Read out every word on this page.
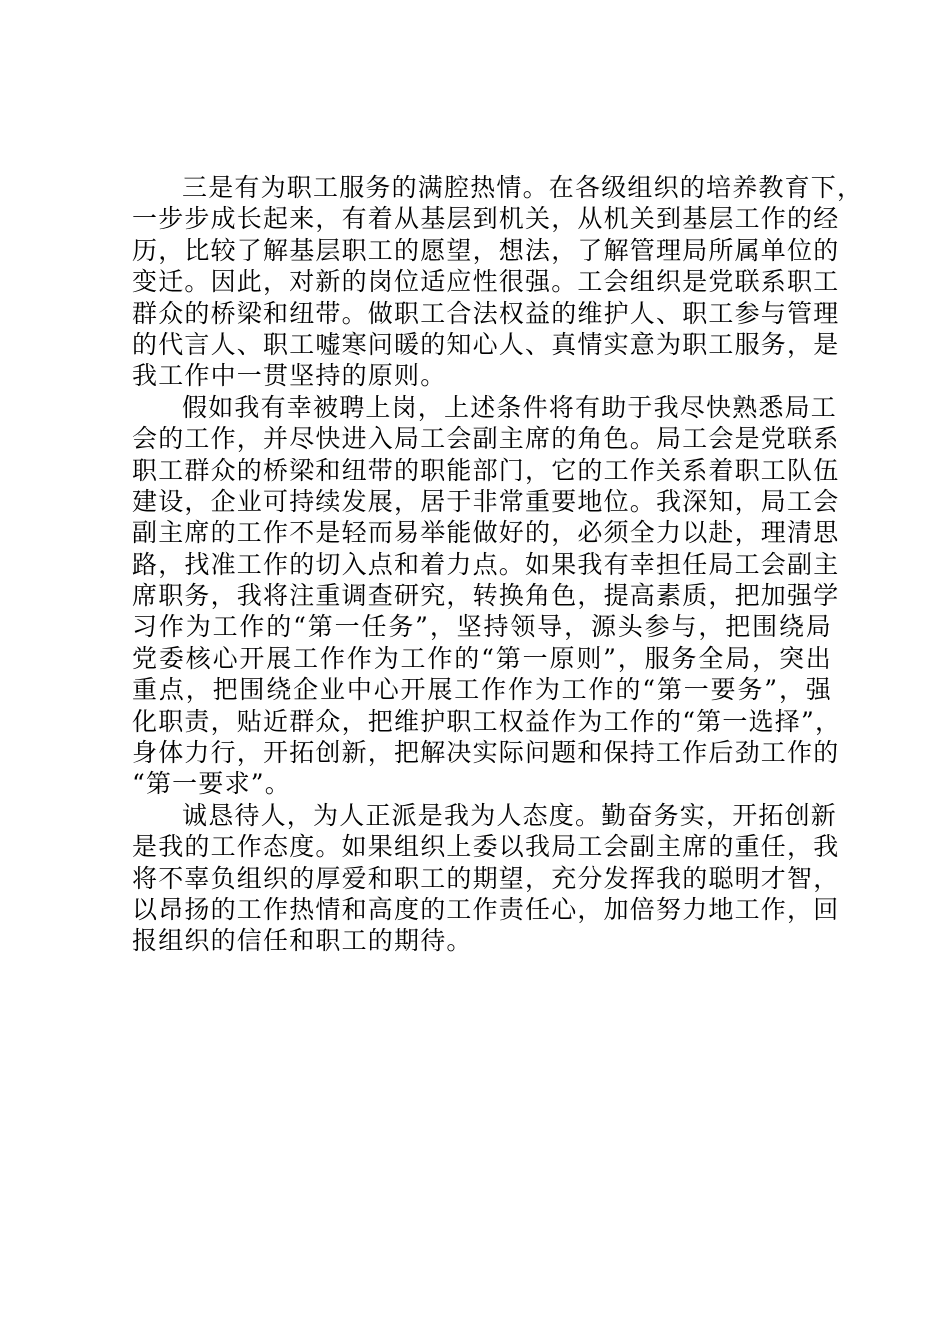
三是有为职工服务的满腔热情。在各级组织的培养教育下，
一步步成长起来，有着从基层到机关，从机关到基层工作的经
历，比较了解基层职工的愿望，想法，了解管理局所属单位的
变迁。因此，对新的岗位适应性很强。工会组织是党联系职工
群众的桥梁和纽带。做职工合法权益的维护人、职工参与管理
的代言人、职工嘘寒问暖的知心人、真情实意为职工服务，是
我工作中一贯坚持的原则。
假如我有幸被聘上岗，上述条件将有助于我尽快熟悉局工
会的工作，并尽快进入局工会副主席的角色。局工会是党联系
职工群众的桥梁和纽带的职能部门，它的工作关系着职工队伍
建设，企业可持续发展，居于非常重要地位。我深知，局工会
副主席的工作不是轻而易举能做好的，必须全力以赴，理清思
路，找准工作的切入点和着力点。如果我有幸担任局工会副主
席职务，我将注重调查研究，转换角色，提高素质，把加强学
习作为工作的“第一任务”，坚持领导，源头参与，把围绕局
党委核心开展工作作为工作的“第一原则”，服务全局，突出
重点，把围绕企业中心开展工作作为工作的“第一要务”，强
化职责，贴近群众，把维护职工权益作为工作的“第一选择”，
身体力行，开拓创新，把解决实际问题和保持工作后劲工作的
“第一要求”。
诚恳待人，为人正派是我为人态度。勤奋务实，开拓创新
是我的工作态度。如果组织上委以我局工会副主席的重任，我
将不辜负组织的厚爱和职工的期望，充分发挥我的聪明才智，
以昂扬的工作热情和高度的工作责任心，加倍努力地工作，回
报组织的信任和职工的期待。
